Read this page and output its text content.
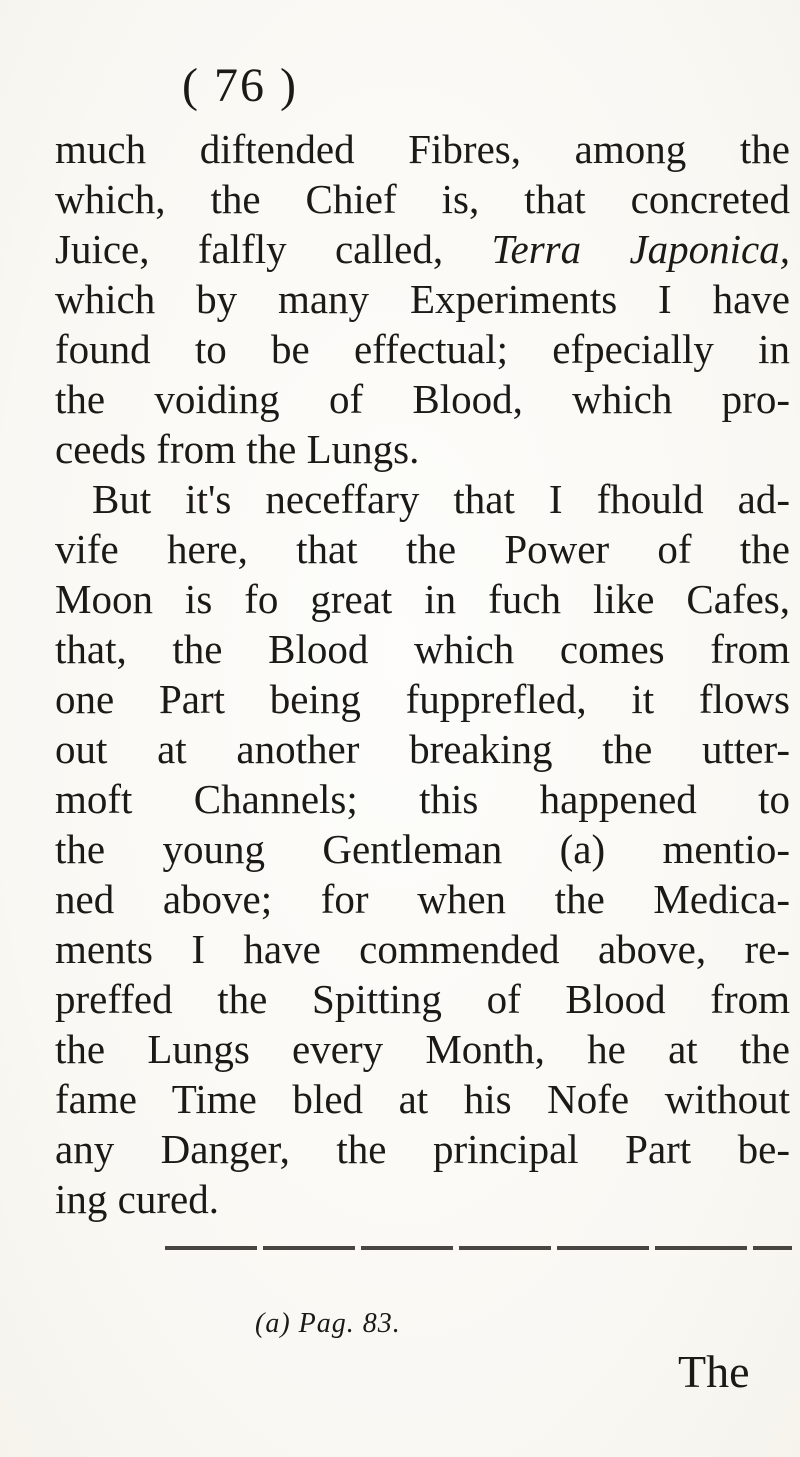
( 76 )
much diftended Fibres, among the
which, the Chief is, that concreted
Juice, falfly called, Terra Japonica,
which by many Experiments I have
found to be effectual; efpecially in
the voiding of Blood, which pro-
ceeds from the Lungs.
But it's neceffary that I fhould ad-
vife here, that the Power of the
Moon is fo great in fuch like Cafes,
that, the Blood which comes from
one Part being fupprefled, it flows
out at another breaking the utter-
moft Channels; this happened to
the young Gentleman (a) mentio-
ned above; for when the Medica-
ments I have commended above, re-
preffed the Spitting of Blood from
the Lungs every Month, he at the
fame Time bled at his Nofe without
any Danger, the principal Part be-
ing cured.
(a) Pag. 83.
The
